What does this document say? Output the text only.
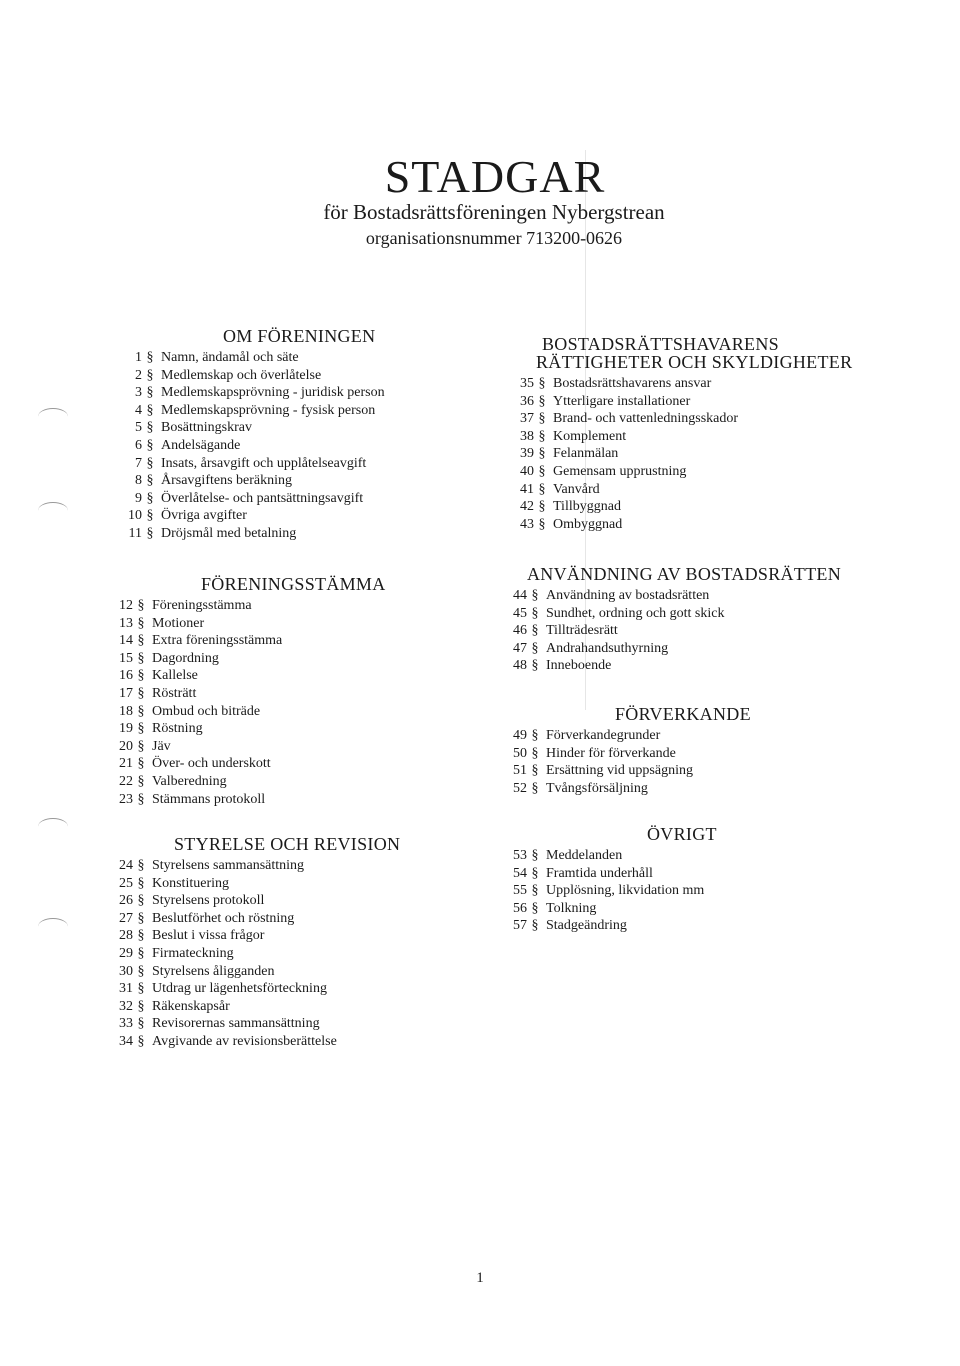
STADGAR
för Bostadsrättsföreningen Nybergstrean
organisationsnummer 713200-0626
OM FÖRENINGEN
1 § Namn, ändamål och säte
2 § Medlemskap och överlåtelse
3 § Medlemskapsprövning - juridisk person
4 § Medlemskapsprövning - fysisk person
5 § Bosättningskrav
6 § Andelsägande
7 § Insats, årsavgift och upplåtelseavgift
8 § Årsavgiftens beräkning
9 § Överlåtelse- och pantsättningsavgift
10 § Övriga avgifter
11 § Dröjsmål med betalning
FÖRENINGSSTÄMMA
12 § Föreningsstämma
13 § Motioner
14 § Extra föreningsstämma
15 § Dagordning
16 § Kallelse
17 § Rösträtt
18 § Ombud och biträde
19 § Röstning
20 § Jäv
21 § Över- och underskott
22 § Valberedning
23 § Stämmans protokoll
STYRELSE OCH REVISION
24 § Styrelsens sammansättning
25 § Konstituering
26 § Styrelsens protokoll
27 § Beslutförhet och röstning
28 § Beslut i vissa frågor
29 § Firmateckning
30 § Styrelsens åligganden
31 § Utdrag ur lägenhetsförteckning
32 § Räkenskapsår
33 § Revisorernas sammansättning
34 § Avgivande av revisionsberättelse
BOSTADSRÄTTSHAVARENS
RÄTTIGHETER OCH SKYLDIGHETER
35 § Bostadsrättshavarens ansvar
36 § Ytterligare installationer
37 § Brand- och vattenledningsskador
38 § Komplement
39 § Felanmälan
40 § Gemensam upprustning
41 § Vanvård
42 § Tillbyggnad
43 § Ombyggnad
ANVÄNDNING AV BOSTADSRÄTTEN
44 § Användning av bostadsrätten
45 § Sundhet, ordning och gott skick
46 § Tillträdesrätt
47 § Andrahandsuthyrning
48 § Inneboende
FÖRVERKANDE
49 § Förverkandegrunder
50 § Hinder för förverkande
51 § Ersättning vid uppsägning
52 § Tvångsförsäljning
ÖVRIGT
53 § Meddelanden
54 § Framtida underhåll
55 § Upplösning, likvidation mm
56 § Tolkning
57 § Stadgeändring
1
